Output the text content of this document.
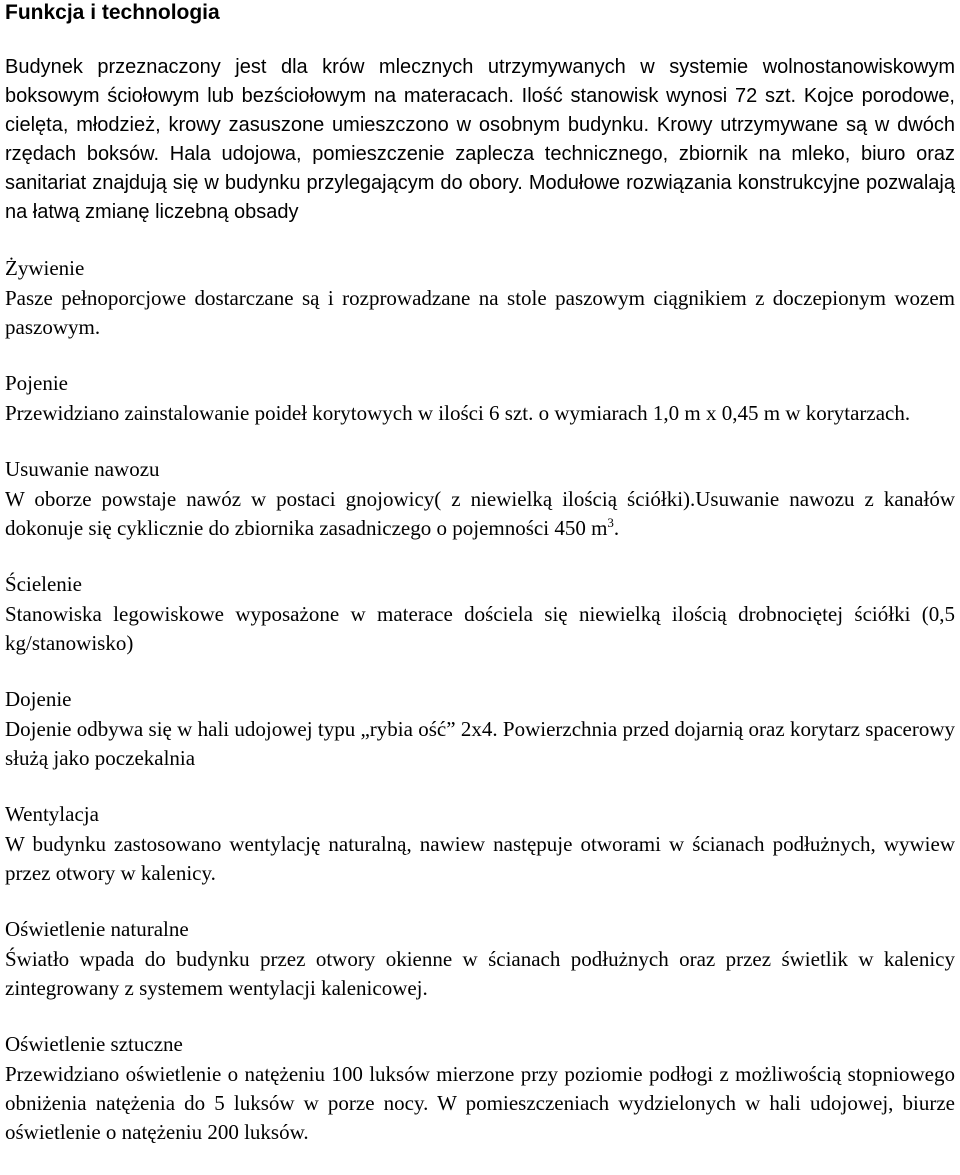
Funkcja i technologia

Budynek przeznaczony jest dla krów mlecznych utrzymywanych w systemie wolnostanowiskowym boksowym ściołowym lub bezściołowym na materacach. Ilość stanowisk wynosi 72 szt. Kojce porodowe, cielęta, młodzież, krowy zasuszone umieszczono w osobnym budynku. Krowy utrzymywane są w dwóch rzędach boksów. Hala udojowa, pomieszczenie zaplecza technicznego, zbiornik na mleko, biuro oraz sanitariat znajdują się w budynku przylegającym do obory. Modułowe rozwiązania konstrukcyjne pozwalają na łatwą zmianę liczebną obsady

Żywienie

Pasze pełnoporcjowe dostarczane są i rozprowadzane na stole paszowym ciągnikiem z doczepionym wozem paszowym.

Pojenie

Przewidziano zainstalowanie poideł korytowych w ilości 6 szt. o wymiarach 1,0 m x 0,45 m w korytarzach.

Usuwanie nawozu

W oborze powstaje nawóz w postaci gnojowicy( z niewielką ilością ściółki).Usuwanie nawozu z kanałów dokonuje się cyklicznie do zbiornika zasadniczego o pojemności 450 $m^3$.

Ścielenie

Stanowiska legowiskowe wyposażone w materace dościela się niewielką ilością drobnociętej ściółki (0,5 kg/stanowisko)

Dojenie

Dojenie odbywa się w hali udojowej typu „rybia ość” 2x4. Powierzchnia przed dojarnią oraz korytarz spacerowy służą jako poczekalnia

Wentylacja

W budynku zastosowano wentylację naturalną, nawiew następuje otworami w ścianach podłużnych, wywiew przez otwory w kalenicy.

Oświetlenie naturalne

Światło wpada do budynku przez otwory okienne w ścianach podłużnych oraz przez świetlik w kalenicy zintegrowany z systemem wentylacji kalenicowej.

Oświetlenie sztuczne

Przewidziano oświetlenie o natężeniu 100 luksów mierzone przy poziomie podłogi z możliwością stopniowego obniżenia natężenia do 5 luksów w porze nocy. W pomieszczeniach wydzielonych w hali udojowej, biurze oświetlenie o natężeniu 200 luksów.
